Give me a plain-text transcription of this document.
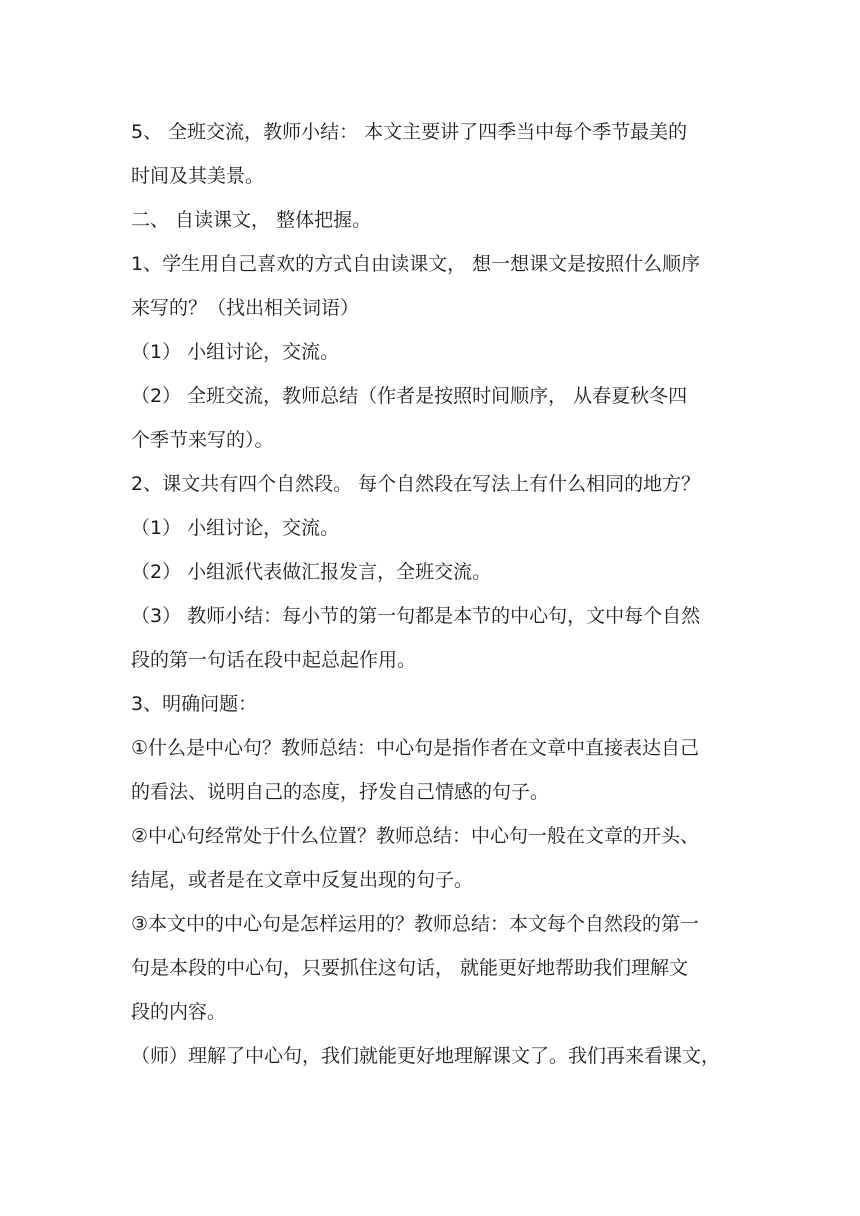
5、 全班交流，教师小结： 本文主要讲了四季当中每个季节最美的

时间及其美景。

二、 自读课文， 整体把握。

1、学生用自己喜欢的方式自由读课文， 想一想课文是按照什么顺序

来写的？（找出相关词语）

（1） 小组讨论，交流。

（2） 全班交流，教师总结（作者是按照时间顺序， 从春夏秋冬四

个季节来写的）。

2、课文共有四个自然段。 每个自然段在写法上有什么相同的地方？

（1） 小组讨论，交流。

（2） 小组派代表做汇报发言，全班交流。

（3） 教师小结：每小节的第一句都是本节的中心句，文中每个自然

段的第一句话在段中起总起作用。

3、明确问题：

①什么是中心句？教师总结：中心句是指作者在文章中直接表达自己

的看法、说明自己的态度，抒发自己情感的句子。

②中心句经常处于什么位置？教师总结：中心句一般在文章的开头、

结尾，或者是在文章中反复出现的句子。

③本文中的中心句是怎样运用的？教师总结：本文每个自然段的第一

句是本段的中心句，只要抓住这句话， 就能更好地帮助我们理解文

段的内容。

（师）理解了中心句，我们就能更好地理解课文了。我们再来看课文，
